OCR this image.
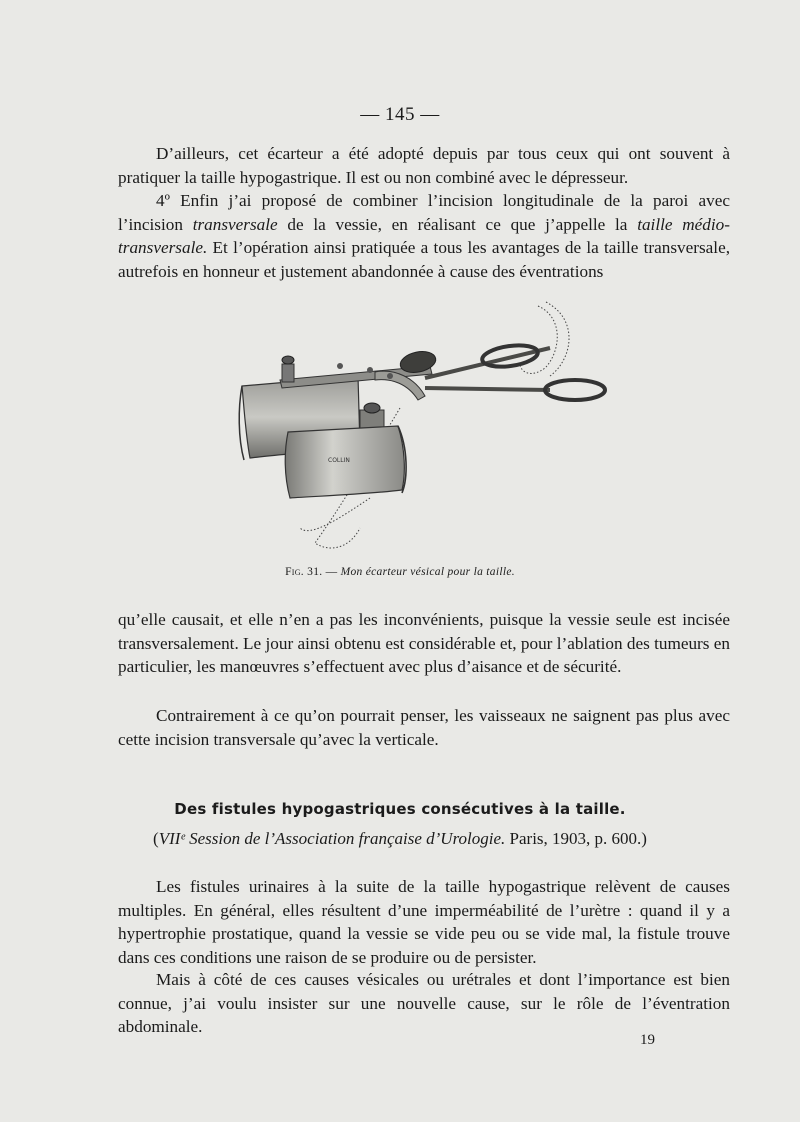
— 145 —

D’ailleurs, cet écarteur a été adopté depuis par tous ceux qui ont souvent à pratiquer la taille hypogastrique. Il est ou non combiné avec le dépresseur.

4º Enfin j’ai proposé de combiner l’incision longitudinale de la paroi avec l’incision transversale de la vessie, en réalisant ce que j’appelle la taille médio-transversale. Et l’opération ainsi pratiquée a tous les avantages de la taille transversale, autrefois en honneur et justement abandonnée à cause des éventrations

COLLIN
Fig. 31. — Mon écarteur vésical pour la taille.

qu’elle causait, et elle n’en a pas les inconvénients, puisque la vessie seule est incisée transversalement. Le jour ainsi obtenu est considérable et, pour l’ablation des tumeurs en particulier, les manœuvres s’effectuent avec plus d’aisance et de sécurité.

Contrairement à ce qu’on pourrait penser, les vaisseaux ne saignent pas plus avec cette incision transversale qu’avec la verticale.

Des fistules hypogastriques consécutives à la taille.
(VIIᵉ Session de l’Association française d’Urologie. Paris, 1903, p. 600.)

Les fistules urinaires à la suite de la taille hypogastrique relèvent de causes multiples. En général, elles résultent d’une imperméabilité de l’urètre : quand il y a hypertrophie prostatique, quand la vessie se vide peu ou se vide mal, la fistule trouve dans ces conditions une raison de se produire ou de persister.

Mais à côté de ces causes vésicales ou urétrales et dont l’importance est bien connue, j’ai voulu insister sur une nouvelle cause, sur le rôle de l’éventration abdominale.

19
